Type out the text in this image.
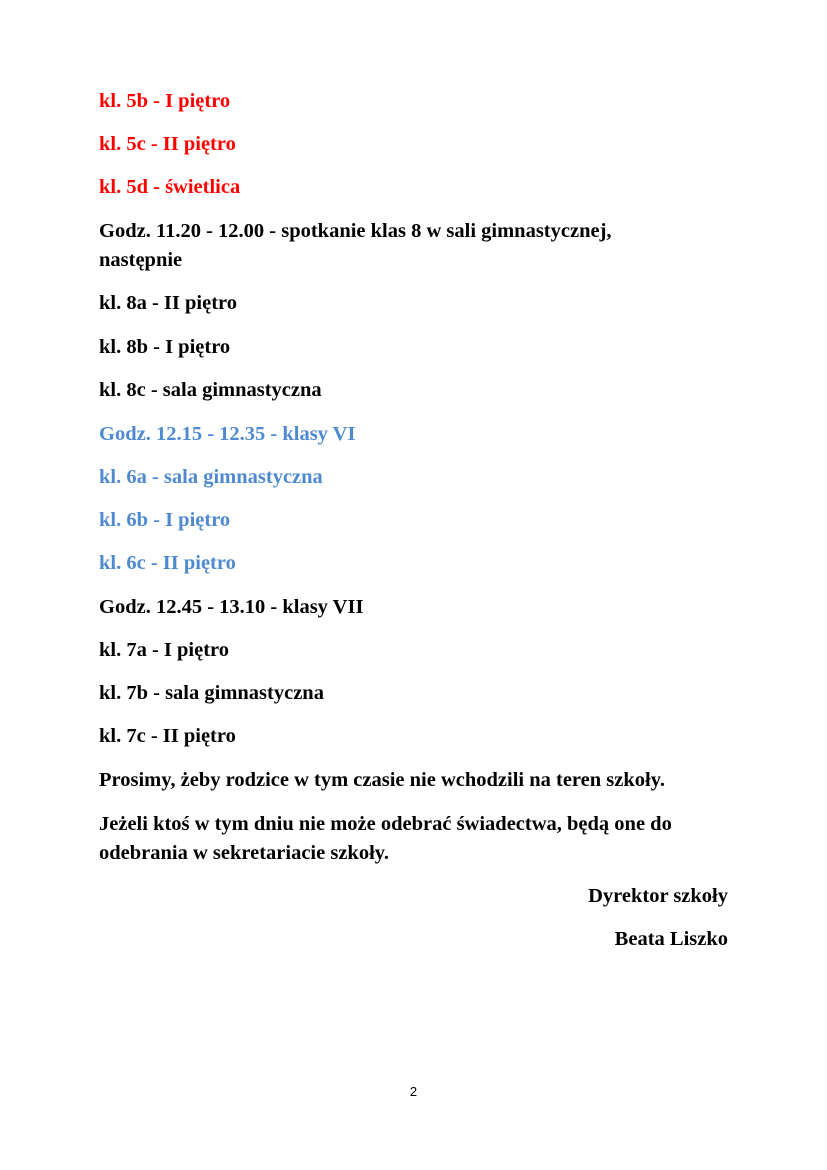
kl. 5b - I piętro
kl. 5c - II piętro
kl. 5d - świetlica
Godz. 11.20 - 12.00 - spotkanie klas 8 w sali gimnastycznej,
następnie
kl. 8a - II piętro
kl. 8b - I piętro
kl. 8c - sala gimnastyczna
Godz. 12.15 - 12.35 - klasy VI
kl. 6a - sala gimnastyczna
kl. 6b - I piętro
kl. 6c - II piętro
Godz. 12.45 - 13.10 - klasy VII
kl. 7a - I piętro
kl. 7b - sala gimnastyczna
kl. 7c - II piętro
Prosimy, żeby rodzice w tym czasie nie wchodzili na teren szkoły.
Jeżeli ktoś w tym dniu nie może odebrać świadectwa, będą one do
odebrania w sekretariacie szkoły.
Dyrektor szkoły
Beata Liszko
2
